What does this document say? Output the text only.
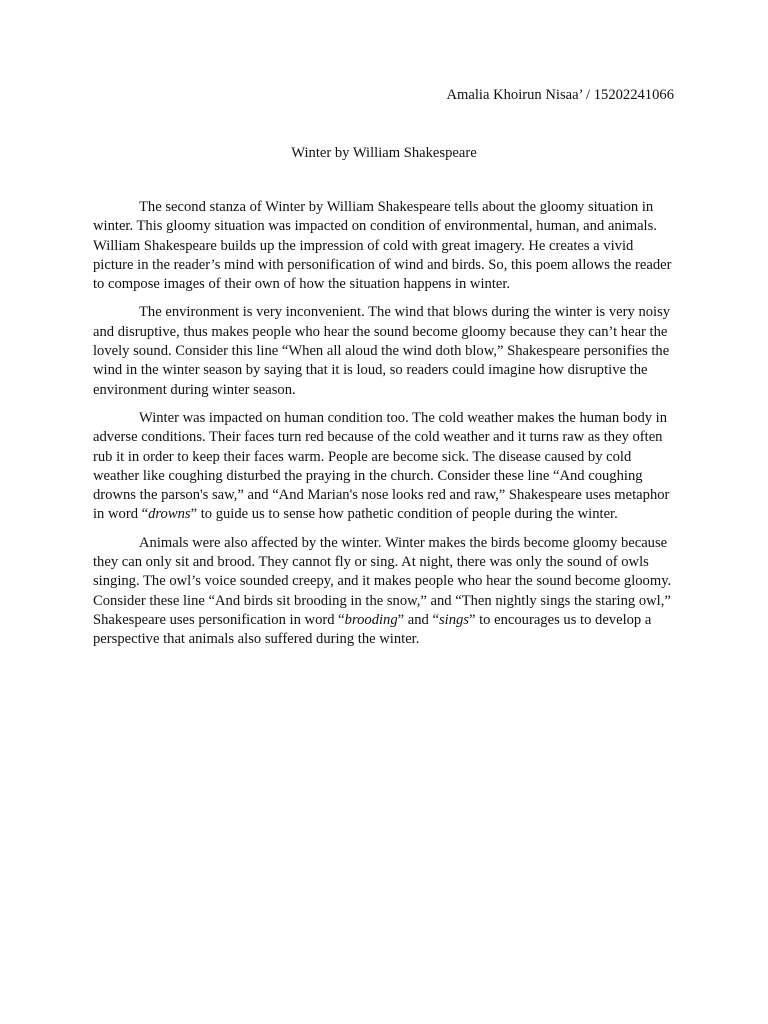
Amalia Khoirun Nisaa’ / 15202241066

Winter by William Shakespeare

The second stanza of Winter by William Shakespeare tells about the gloomy situation in winter. This gloomy situation was impacted on condition of environmental, human, and animals. William Shakespeare builds up the impression of cold with great imagery. He creates a vivid picture in the reader’s mind with personification of wind and birds. So, this poem allows the reader to compose images of their own of how the situation happens in winter.

The environment is very inconvenient. The wind that blows during the winter is very noisy and disruptive, thus makes people who hear the sound become gloomy because they can’t hear the lovely sound. Consider this line “When all aloud the wind doth blow,” Shakespeare personifies the wind in the winter season by saying that it is loud, so readers could imagine how disruptive the environment during winter season.

Winter was impacted on human condition too. The cold weather makes the human body in adverse conditions. Their faces turn red because of the cold weather and it turns raw as they often rub it in order to keep their faces warm. People are become sick. The disease caused by cold weather like coughing disturbed the praying in the church. Consider these line “And coughing drowns the parson's saw,” and “And Marian's nose looks red and raw,” Shakespeare uses metaphor in word “drowns” to guide us to sense how pathetic condition of people during the winter.

Animals were also affected by the winter. Winter makes the birds become gloomy because they can only sit and brood. They cannot fly or sing. At night, there was only the sound of owls singing. The owl’s voice sounded creepy, and it makes people who hear the sound become gloomy. Consider these line “And birds sit brooding in the snow,” and “Then nightly sings the staring owl,” Shakespeare uses personification in word “brooding” and “sings” to encourages us to develop a perspective that animals also suffered during the winter.
